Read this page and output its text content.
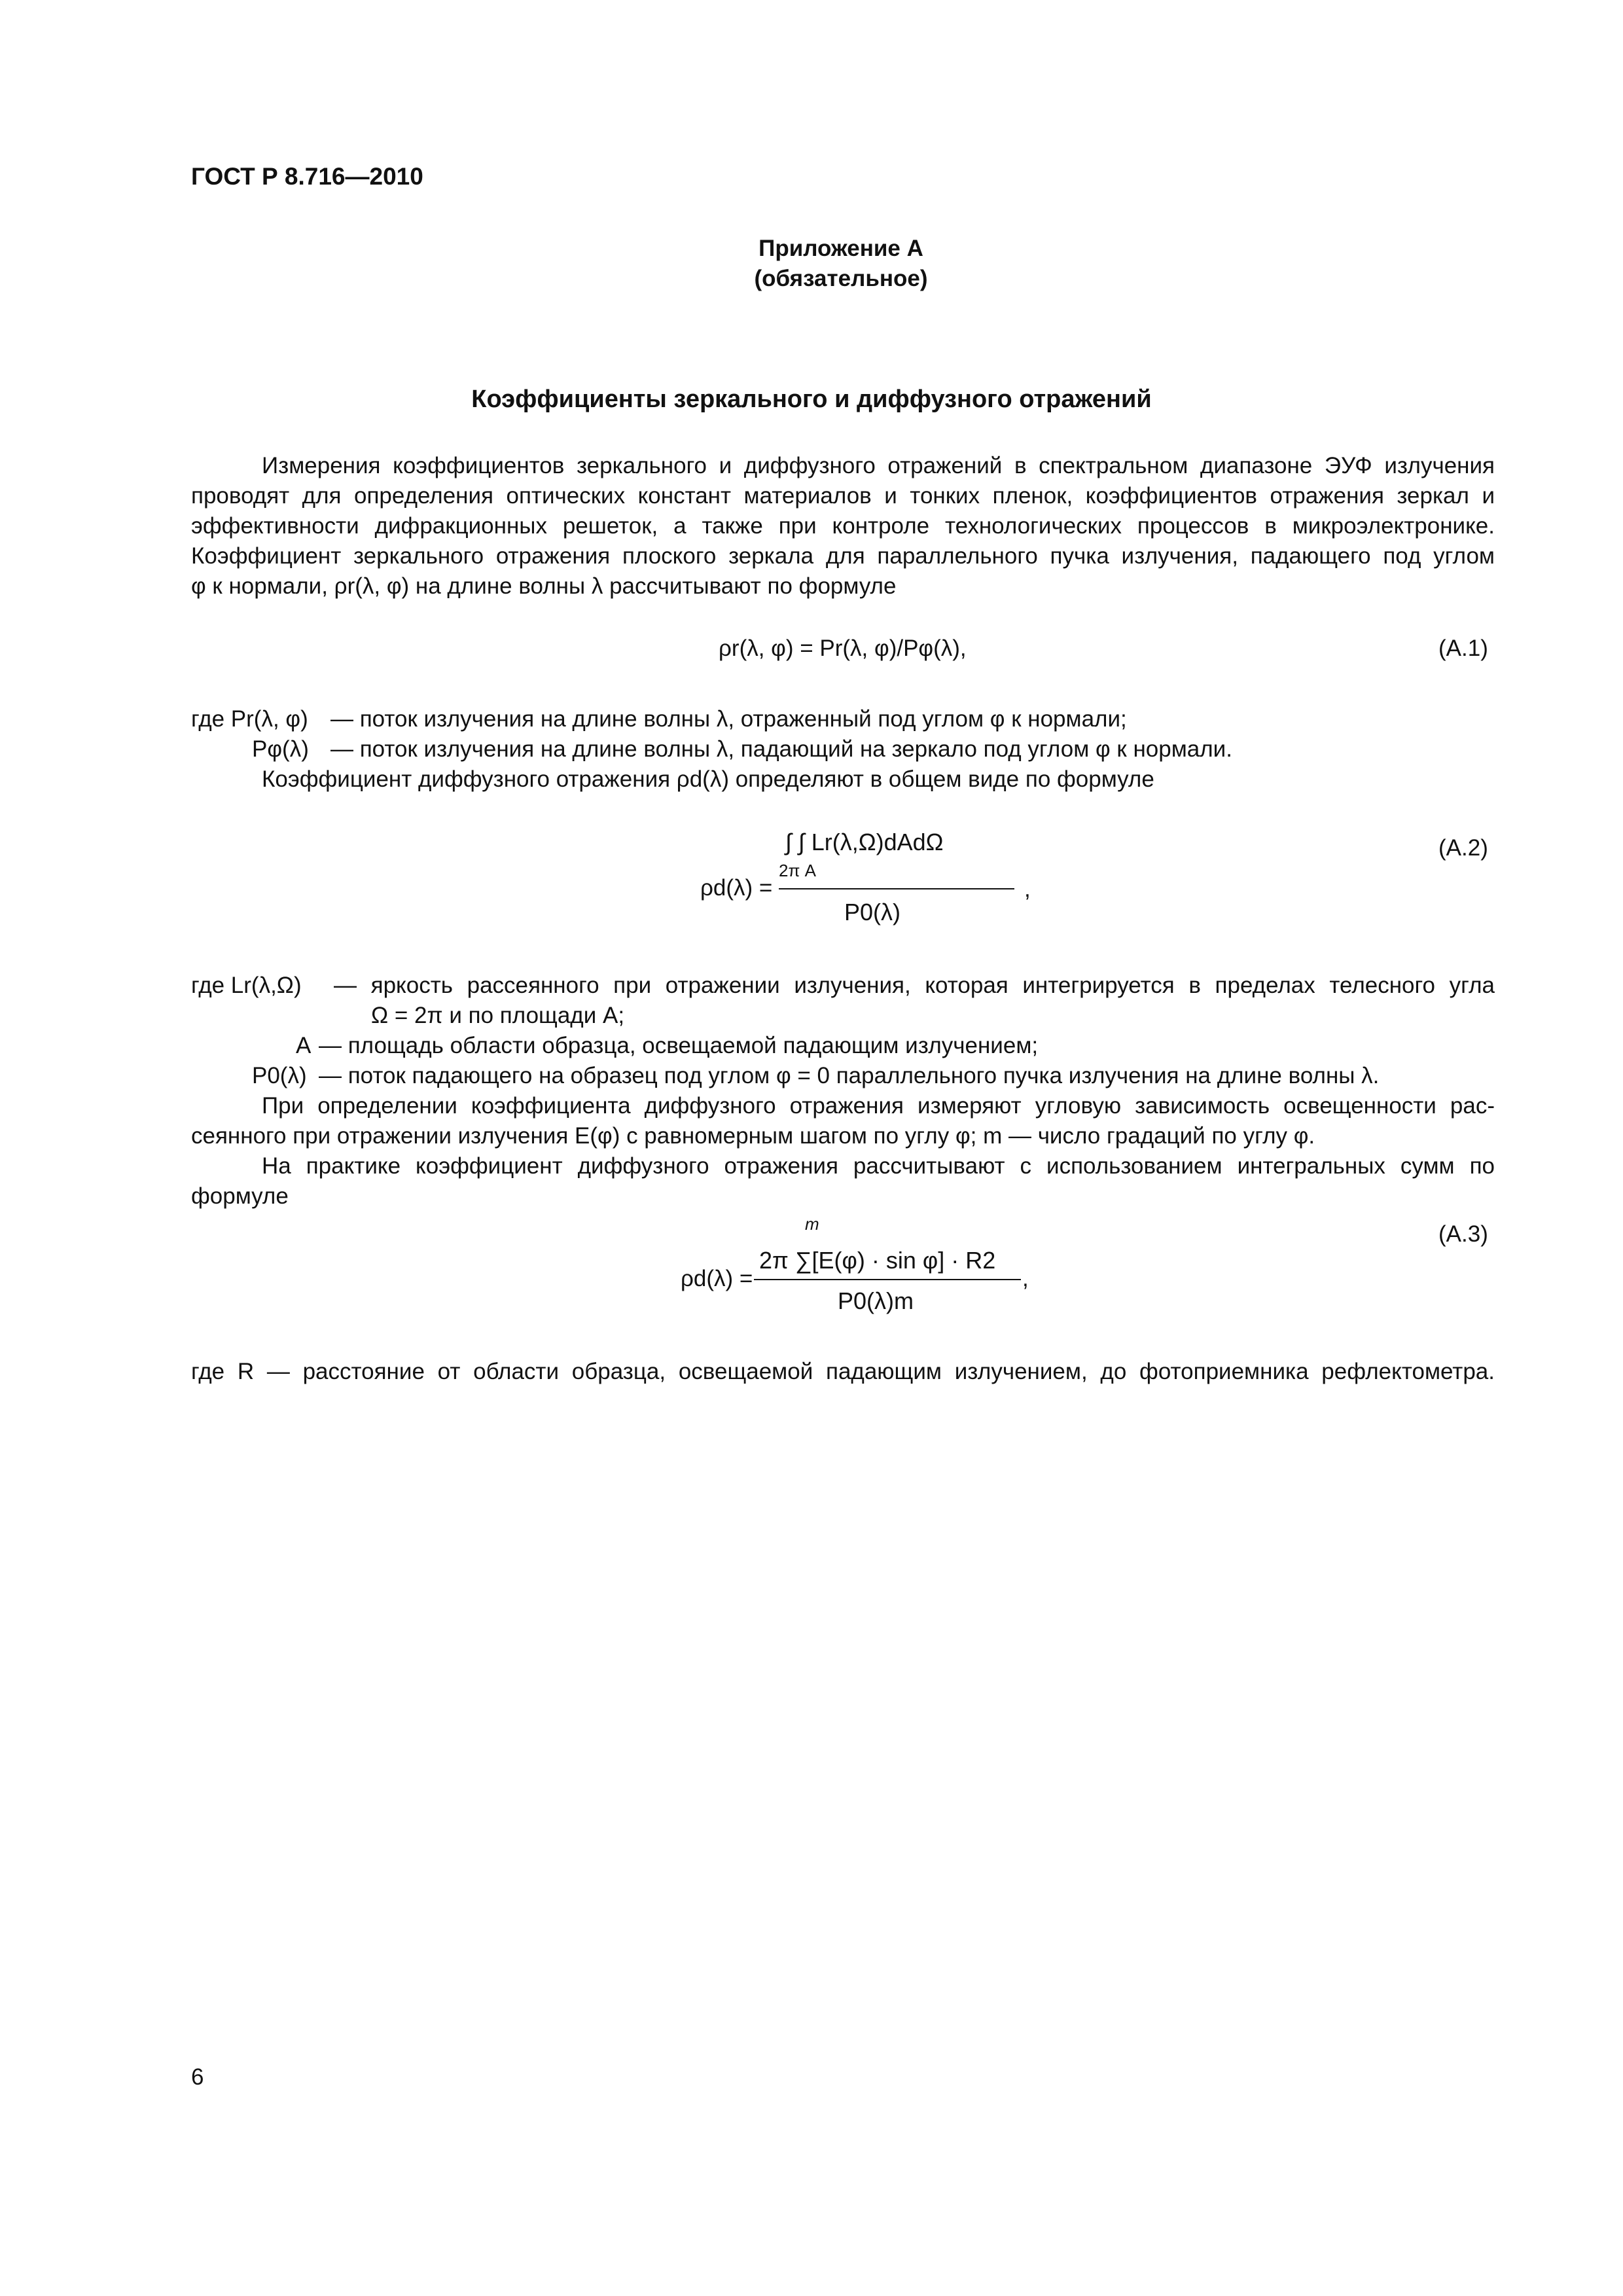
ГОСТ Р 8.716—2010
Приложение А
(обязательное)
Коэффициенты зеркального и диффузного отражений
Измерения коэффициентов зеркального и диффузного отражений в спектральном диапазоне ЭУФ излучения
проводят для определения оптических констант материалов и тонких пленок, коэффициентов отражения зеркал и
эффективности дифракционных решеток, а также при контроле технологических процессов в микроэлектронике.
Коэффициент зеркального отражения плоского зеркала для параллельного пучка излучения, падающего под углом
φ к нормали, ρr(λ, φ) на длине волны λ рассчитывают по формуле
ρr(λ, φ) = Pr(λ, φ)/Pφ(λ),	(А.1)
где Pr(λ, φ) — поток излучения на длине волны λ, отраженный под углом φ к нормали;
Pφ(λ) — поток излучения на длине волны λ, падающий на зеркало под углом φ к нормали.
Коэффициент диффузного отражения ρd(λ) определяют в общем виде по формуле
∫ ∫ Lr(λ,Ω)dAdΩ
2π A
ρd(λ) =	,
P0(λ)
(А.2)
где Lr(λ,Ω) — яркость рассеянного при отражении излучения, которая интегрируется в пределах телесного угла
Ω = 2π и по площади A;
A — площадь области образца, освещаемой падающим излучением;
P0(λ) — поток падающего на образец под углом φ = 0 параллельного пучка излучения на длине волны λ.
При определении коэффициента диффузного отражения измеряют угловую зависимость освещенности рас-
сеянного при отражении излучения E(φ) с равномерным шагом по углу φ; m — число градаций по углу φ.
На практике коэффициент диффузного отражения рассчитывают с использованием интегральных сумм по
формуле
m
2π ∑[E(φ) · sin φ] · R2
ρd(λ) =	,
P0(λ)m
(А.3)
где R — расстояние от области образца, освещаемой падающим излучением, до фотоприемника рефлектометра.
6
